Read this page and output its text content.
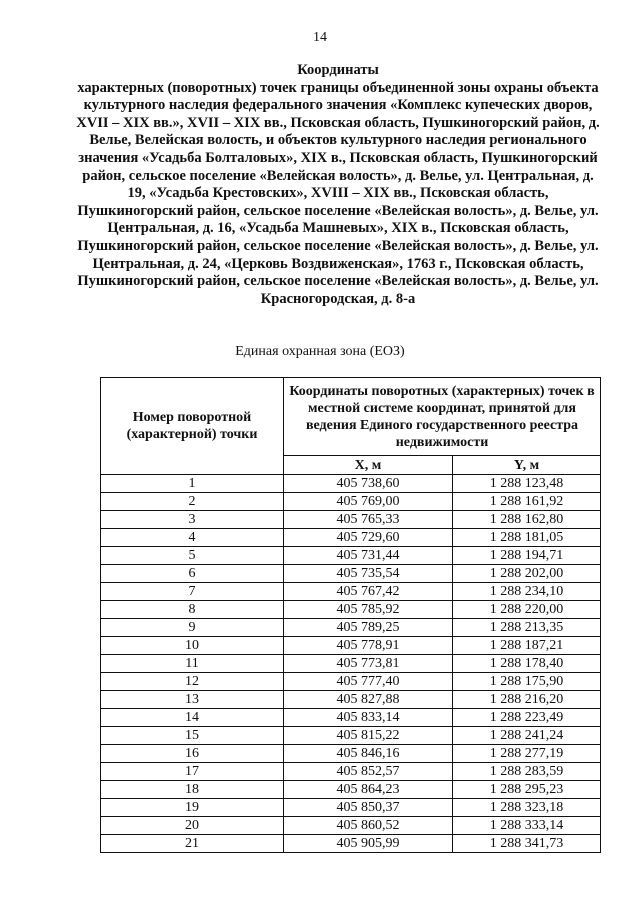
14
Координаты
характерных (поворотных) точек границы объединенной зоны охраны объекта культурного наследия федерального значения «Комплекс купеческих дворов, XVII – XIX вв.», XVII – XIX вв., Псковская область, Пушкиногорский район, д. Велье, Велейская волость, и объектов культурного наследия регионального значения «Усадьба Болталовых», XIX в., Псковская область, Пушкиногорский район, сельское поселение «Велейская волость», д. Велье, ул. Центральная, д. 19, «Усадьба Крестовских», XVIII – XIX вв., Псковская область, Пушкиногорский район, сельское поселение «Велейская волость», д. Велье, ул. Центральная, д. 16, «Усадьба Машневых», XIX в., Псковская область, Пушкиногорский район, сельское поселение «Велейская волость», д. Велье, ул. Центральная, д. 24, «Церковь Воздвиженская», 1763 г., Псковская область, Пушкиногорский район, сельское поселение «Велейская волость», д. Велье, ул. Красногородская, д. 8-а
Единая охранная зона (ЕОЗ)
Номер поворотной (характерной) точки	Координаты поворотных (характерных) точек в местной системе координат, принятой для ведения Единого государственного реестра недвижимости	
	X, м	Y, м
1	405 738,60	1 288 123,48
2	405 769,00	1 288 161,92
3	405 765,33	1 288 162,80
4	405 729,60	1 288 181,05
5	405 731,44	1 288 194,71
6	405 735,54	1 288 202,00
7	405 767,42	1 288 234,10
8	405 785,92	1 288 220,00
9	405 789,25	1 288 213,35
10	405 778,91	1 288 187,21
11	405 773,81	1 288 178,40
12	405 777,40	1 288 175,90
13	405 827,88	1 288 216,20
14	405 833,14	1 288 223,49
15	405 815,22	1 288 241,24
16	405 846,16	1 288 277,19
17	405 852,57	1 288 283,59
18	405 864,23	1 288 295,23
19	405 850,37	1 288 323,18
20	405 860,52	1 288 333,14
21	405 905,99	1 288 341,73
